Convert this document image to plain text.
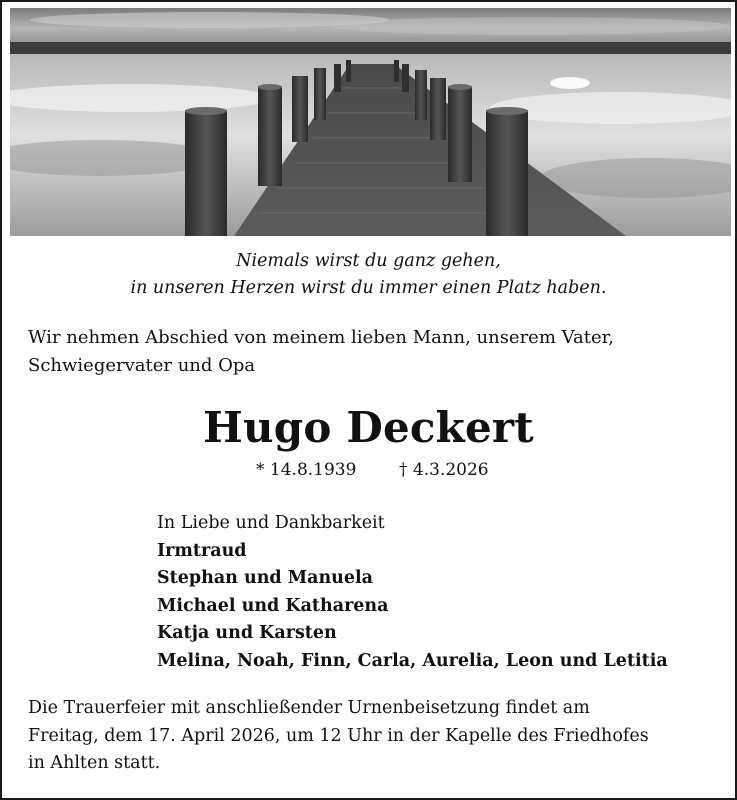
Niemals wirst du ganz gehen,
in unseren Herzen wirst du immer einen Platz haben.
Wir nehmen Abschied von meinem lieben Mann, unserem Vater,
Schwiegervater und Opa
Hugo Deckert
* 14.8.1939	† 4.3.2026
In Liebe und Dankbarkeit
Irmtraud
Stephan und Manuela
Michael und Katharena
Katja und Karsten
Melina, Noah, Finn, Carla, Aurelia, Leon und Letitia
Die Trauerfeier mit anschließender Urnenbeisetzung findet am
Freitag, dem 17. April 2026, um 12 Uhr in der Kapelle des Friedhofes
in Ahlten statt.
